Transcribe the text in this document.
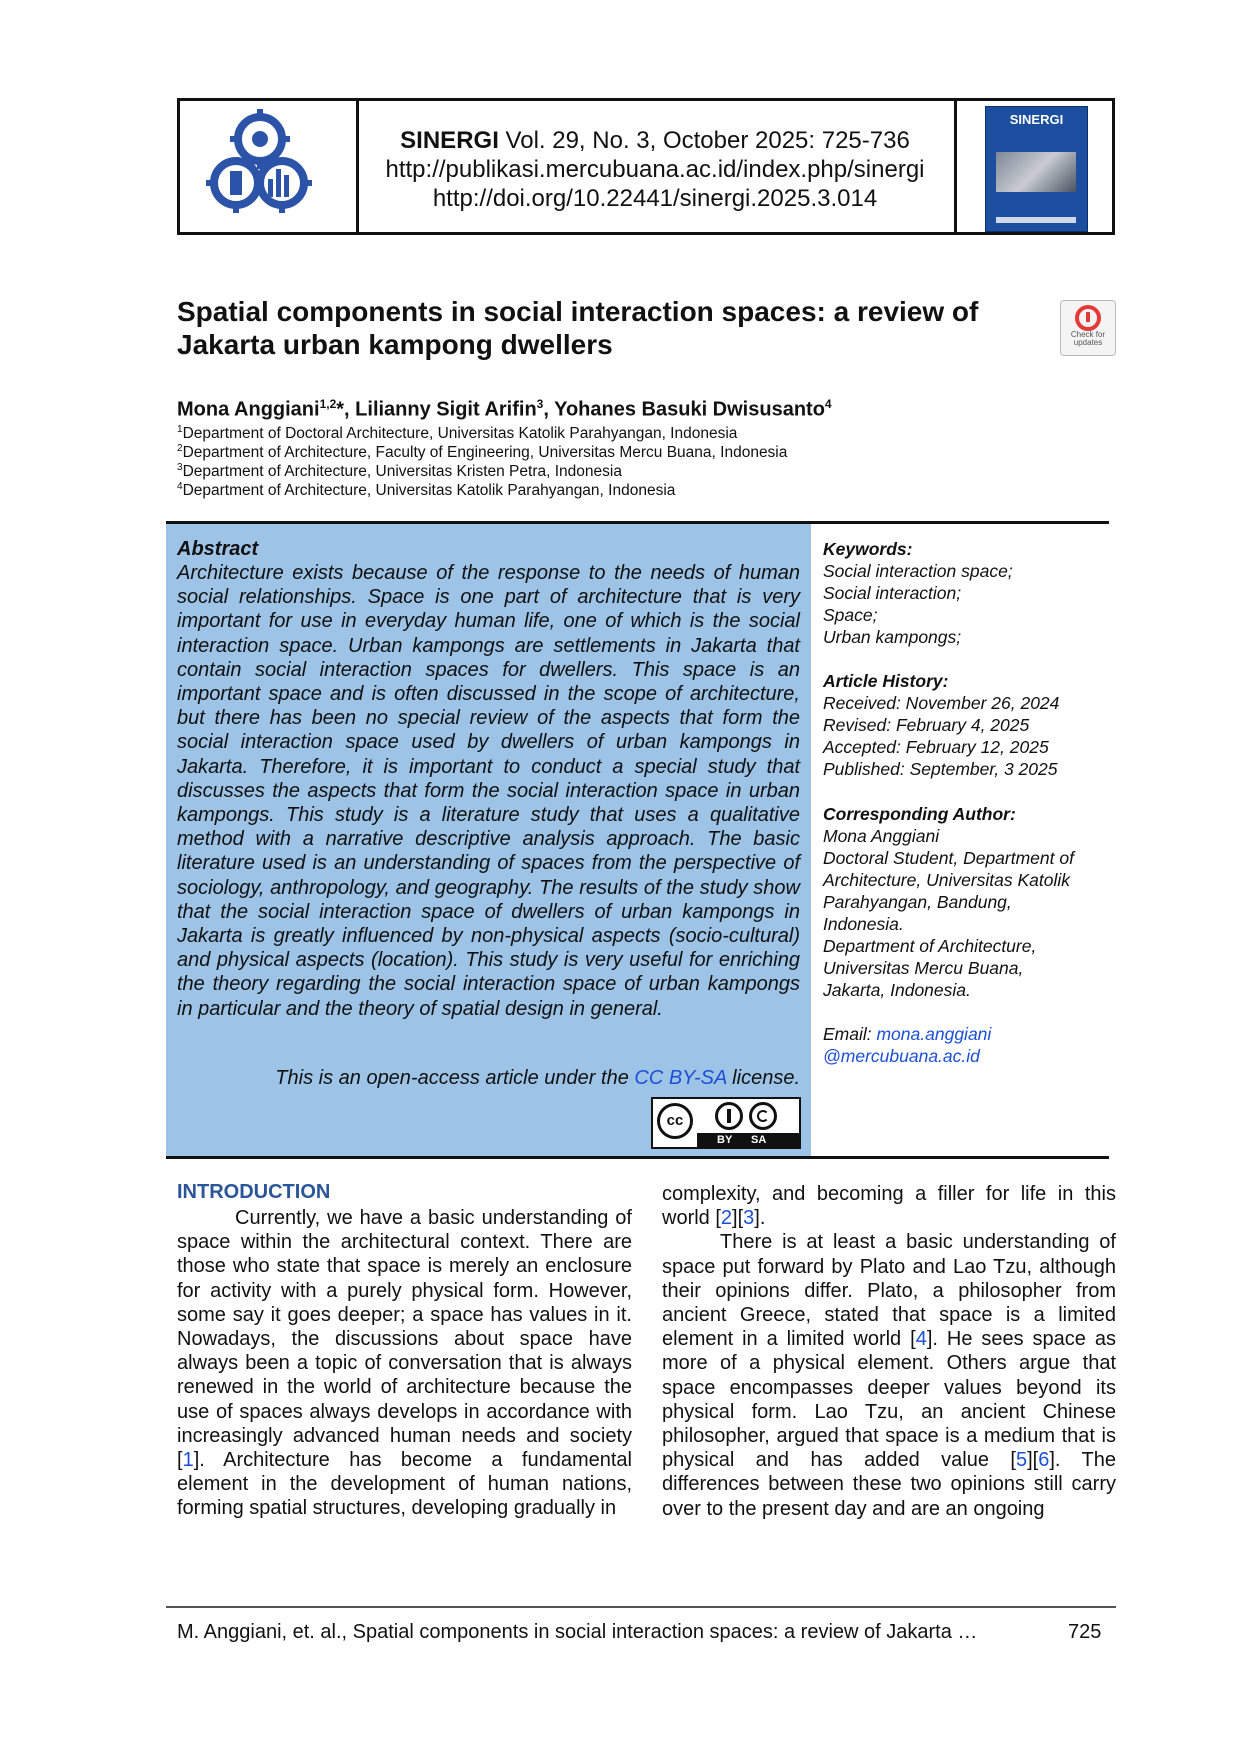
SINERGI Vol. 29, No. 3, October 2025: 725-736
http://publikasi.mercubuana.ac.id/index.php/sinergi
http://doi.org/10.22441/sinergi.2025.3.014
SINERGI
Spatial components in social interaction spaces: a review of Jakarta urban kampong dwellers	Check for
updates
Mona Anggiani$^{1,2}$*, Lilianny Sigit Arifin$^3$, Yohanes Basuki Dwisusanto$^4$
$^1$Department of Doctoral Architecture, Universitas Katolik Parahyangan, Indonesia
$^2$Department of Architecture, Faculty of Engineering, Universitas Mercu Buana, Indonesia
$^3$Department of Architecture, Universitas Kristen Petra, Indonesia
$^4$Department of Architecture, Universitas Katolik Parahyangan, Indonesia
Abstract
Architecture exists because of the response to the needs of human social relationships. Space is one part of architecture that is very important for use in everyday human life, one of which is the social interaction space. Urban kampongs are settlements in Jakarta that contain social interaction spaces for dwellers. This space is an important space and is often discussed in the scope of architecture, but there has been no special review of the aspects that form the social interaction space used by dwellers of urban kampongs in Jakarta. Therefore, it is important to conduct a special study that discusses the aspects that form the social interaction space in urban kampongs. This study is a literature study that uses a qualitative method with a narrative descriptive analysis approach. The basic literature used is an understanding of spaces from the perspective of sociology, anthropology, and geography. The results of the study show that the social interaction space of dwellers of urban kampongs in Jakarta is greatly influenced by non-physical aspects (socio-cultural) and physical aspects (location). This study is very useful for enriching the theory regarding the social interaction space of urban kampongs in particular and the theory of spatial design in general.
This is an open-access article under the CC BY-SA license.
cc
BY SA
Keywords:
Social interaction space;
Social interaction;
Space;
Urban kampongs;
Article History:
Received: November 26, 2024
Revised: February 4, 2025
Accepted: February 12, 2025
Published: September, 3 2025
Corresponding Author:
Mona Anggiani
Doctoral Student, Department of
Architecture, Universitas Katolik
Parahyangan, Bandung,
Indonesia.
Department of Architecture,
Universitas Mercu Buana,
Jakarta, Indonesia.
Email: mona.anggiani
@mercubuana.ac.id
INTRODUCTION

Currently, we have a basic understanding of space within the architectural context. There are those who state that space is merely an enclosure for activity with a purely physical form. However, some say it goes deeper; a space has values in it. Nowadays, the discussions about space have always been a topic of conversation that is always renewed in the world of architecture because the use of spaces always develops in accordance with increasingly advanced human needs and society [1]. Architecture has become a fundamental element in the development of human nations, forming spatial structures, developing gradually in

complexity, and becoming a filler for life in this world [2][3].

There is at least a basic understanding of space put forward by Plato and Lao Tzu, although their opinions differ. Plato, a philosopher from ancient Greece, stated that space is a limited element in a limited world [4]. He sees space as more of a physical element. Others argue that space encompasses deeper values beyond its physical form. Lao Tzu, an ancient Chinese philosopher, argued that space is a medium that is physical and has added value [5][6]. The differences between these two opinions still carry over to the present day and are an ongoing

M. Anggiani, et. al., Spatial components in social interaction spaces: a review of Jakarta …	725
